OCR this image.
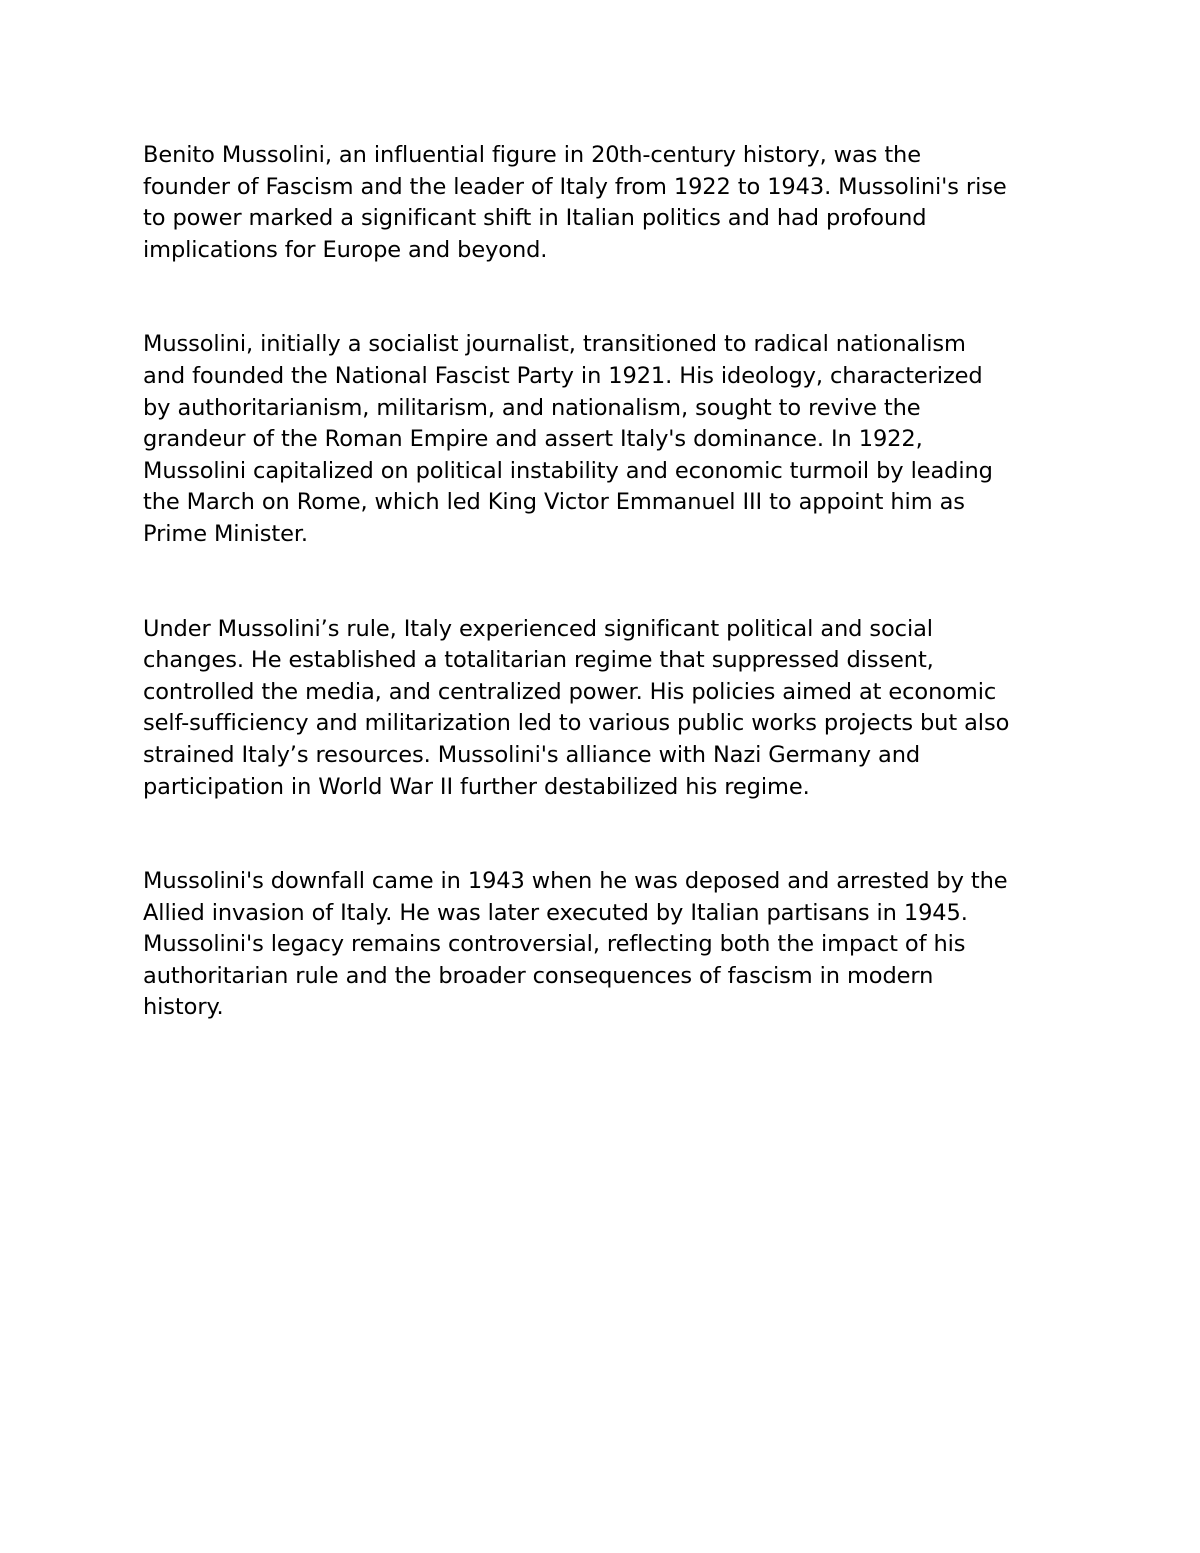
Benito Mussolini, an influential figure in 20th-century history, was the
founder of Fascism and the leader of Italy from 1922 to 1943. Mussolini's rise
to power marked a significant shift in Italian politics and had profound
implications for Europe and beyond.

Mussolini, initially a socialist journalist, transitioned to radical nationalism
and founded the National Fascist Party in 1921. His ideology, characterized
by authoritarianism, militarism, and nationalism, sought to revive the
grandeur of the Roman Empire and assert Italy's dominance. In 1922,
Mussolini capitalized on political instability and economic turmoil by leading
the March on Rome, which led King Victor Emmanuel III to appoint him as
Prime Minister.

Under Mussolini’s rule, Italy experienced significant political and social
changes. He established a totalitarian regime that suppressed dissent,
controlled the media, and centralized power. His policies aimed at economic
self-sufficiency and militarization led to various public works projects but also
strained Italy’s resources. Mussolini's alliance with Nazi Germany and
participation in World War II further destabilized his regime.

Mussolini's downfall came in 1943 when he was deposed and arrested by the
Allied invasion of Italy. He was later executed by Italian partisans in 1945.
Mussolini's legacy remains controversial, reflecting both the impact of his
authoritarian rule and the broader consequences of fascism in modern
history.
